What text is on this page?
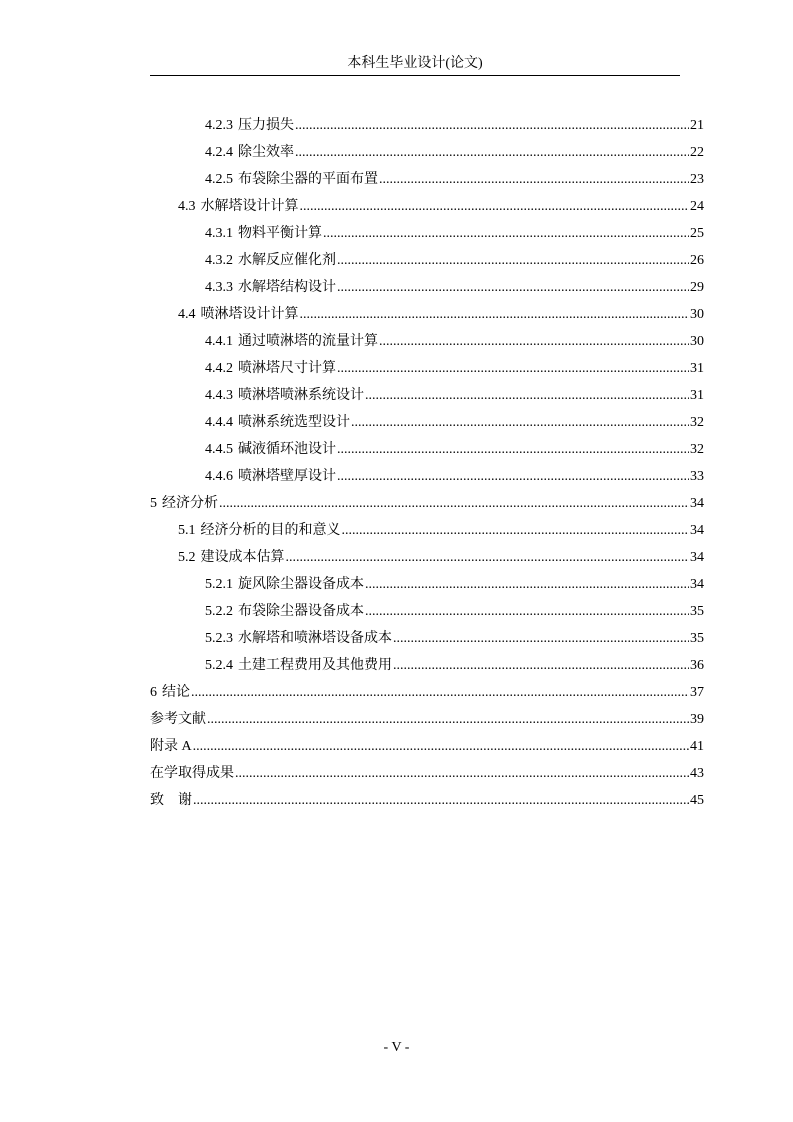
本科生毕业设计(论文)
4.2.3 压力损失 .....	21
4.2.4 除尘效率 .....	22
4.2.5 布袋除尘器的平面布置 .....	23
4.3 水解塔设计计算 .....	24
4.3.1 物料平衡计算 .....	25
4.3.2 水解反应催化剂 .....	26
4.3.3 水解塔结构设计 .....	29
4.4 喷淋塔设计计算 .....	30
4.4.1 通过喷淋塔的流量计算 .....	30
4.4.2 喷淋塔尺寸计算 .....	31
4.4.3 喷淋塔喷淋系统设计 .....	31
4.4.4 喷淋系统选型设计 .....	32
4.4.5 碱液循环池设计 .....	32
4.4.6 喷淋塔壁厚设计 .....	33
5 经济分析 .....	34
5.1 经济分析的目的和意义 .....	34
5.2 建设成本估算 .....	34
5.2.1 旋风除尘器设备成本 .....	34
5.2.2 布袋除尘器设备成本 .....	35
5.2.3 水解塔和喷淋塔设备成本 .....	35
5.2.4 土建工程费用及其他费用 .....	36
6 结论 .....	37
参考文献 .....	39
附录 A .....	41
在学取得成果 .....	43
致    谢 .....	45
- V -
